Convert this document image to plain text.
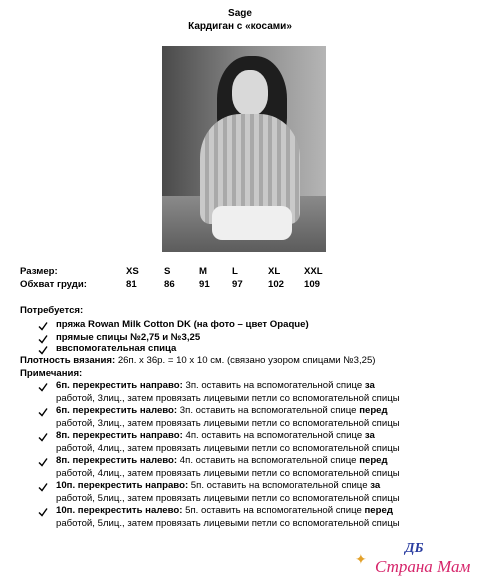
Sage
Кардиган с «косами»
Размер:	XS	S	M	L	XL	XXL
Обхват груди:	81	86	91	97	102	109
Потребуется:
пряжа Rowan Milk Cotton DK (на фото – цвет Opaque)
прямые спицы №2,75 и №3,25
ввспомогательная спица
Плотность вязания: 26п. х 36р. = 10 х 10 см. (связано узором спицами №3,25)
Примечания:
6п. перекрестить направо: 3п. оставить на вспомогательной спице за
работой, 3лиц., затем провязать лицевыми петли со вспомогательной спицы
6п. перекрестить налево: 3п. оставить на вспомогательной спице перед
работой, 3лиц., затем провязать лицевыми петли со вспомогательной спицы
8п. перекрестить направо: 4п. оставить на вспомогательной спице за
работой, 4лиц., затем провязать лицевыми петли со вспомогательной спицы
8п. перекрестить налево: 4п. оставить на вспомогательной спице перед
работой, 4лиц., затем провязать лицевыми петли со вспомогательной спицы
10п. перекрестить направо: 5п. оставить на вспомогательной спице за
работой, 5лиц., затем провязать лицевыми петли со вспомогательной спицы
10п. перекрестить налево: 5п. оставить на вспомогательной спице перед
работой, 5лиц., затем провязать лицевыми петли со вспомогательной спицы
✦
ДБ
Страна Мам
